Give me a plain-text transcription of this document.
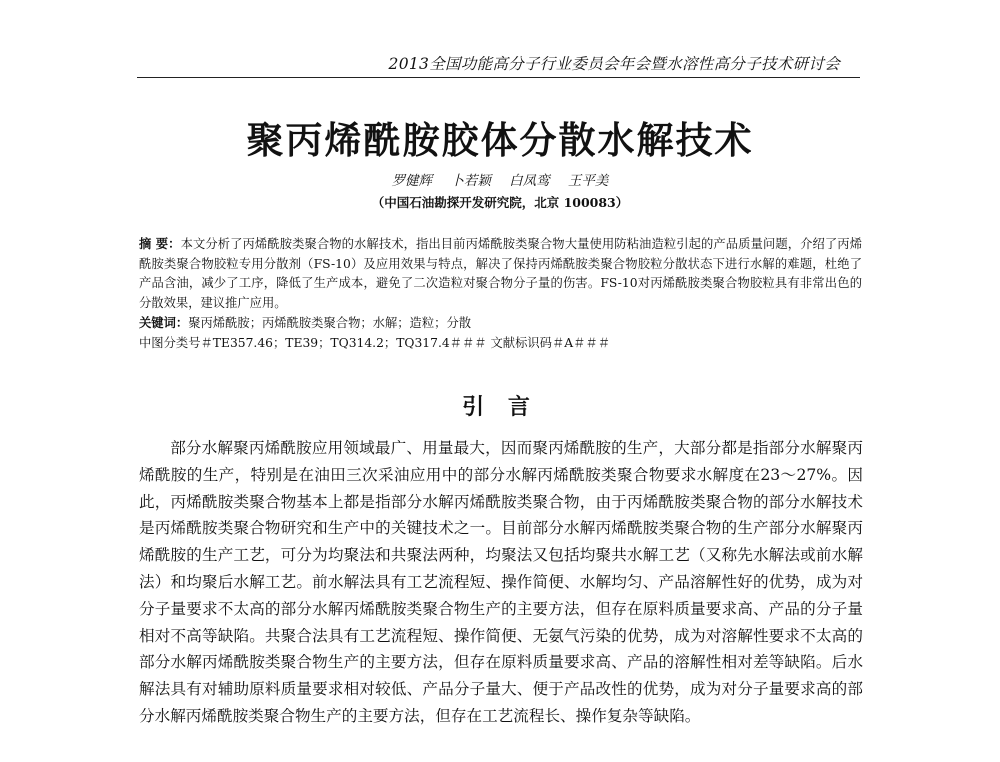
2013全国功能高分子行业委员会年会暨水溶性高分子技术研讨会
聚丙烯酰胺胶体分散水解技术
罗健辉 卜若颖 白凤鸾 王平美
（中国石油勘探开发研究院，北京 100083）
摘 要：本文分析了丙烯酰胺类聚合物的水解技术，指出目前丙烯酰胺类聚合物大量使用防粘油造粒引起的产品质量问题，介绍了丙烯酰胺类聚合物胶粒专用分散剂（FS-10）及应用效果与特点，解决了保持丙烯酰胺类聚合物胶粒分散状态下进行水解的难题，杜绝了产品含油，减少了工序，降低了生产成本，避免了二次造粒对聚合物分子量的伤害。FS-10对丙烯酰胺类聚合物胶粒具有非常出色的分散效果，建议推广应用。
关键词：聚丙烯酰胺；丙烯酰胺类聚合物；水解；造粒；分散
中图分类号＃TE357.46；TE39；TQ314.2；TQ317.4＃＃＃ 文献标识码＃A＃＃＃
引 言
部分水解聚丙烯酰胺应用领域最广、用量最大，因而聚丙烯酰胺的生产，大部分都是指部分水解聚丙烯酰胺的生产，特别是在油田三次采油应用中的部分水解丙烯酰胺类聚合物要求水解度在23～27%。因此，丙烯酰胺类聚合物基本上都是指部分水解丙烯酰胺类聚合物，由于丙烯酰胺类聚合物的部分水解技术是丙烯酰胺类聚合物研究和生产中的关键技术之一。目前部分水解丙烯酰胺类聚合物的生产部分水解聚丙烯酰胺的生产工艺，可分为均聚法和共聚法两种，均聚法又包括均聚共水解工艺（又称先水解法或前水解法）和均聚后水解工艺。前水解法具有工艺流程短、操作简便、水解均匀、产品溶解性好的优势，成为对分子量要求不太高的部分水解丙烯酰胺类聚合物生产的主要方法，但存在原料质量要求高、产品的分子量相对不高等缺陷。共聚合法具有工艺流程短、操作简便、无氨气污染的优势，成为对溶解性要求不太高的部分水解丙烯酰胺类聚合物生产的主要方法，但存在原料质量要求高、产品的溶解性相对差等缺陷。后水解法具有对辅助原料质量要求相对较低、产品分子量大、便于产品改性的优势，成为对分子量要求高的部分水解丙烯酰胺类聚合物生产的主要方法，但存在工艺流程长、操作复杂等缺陷。
